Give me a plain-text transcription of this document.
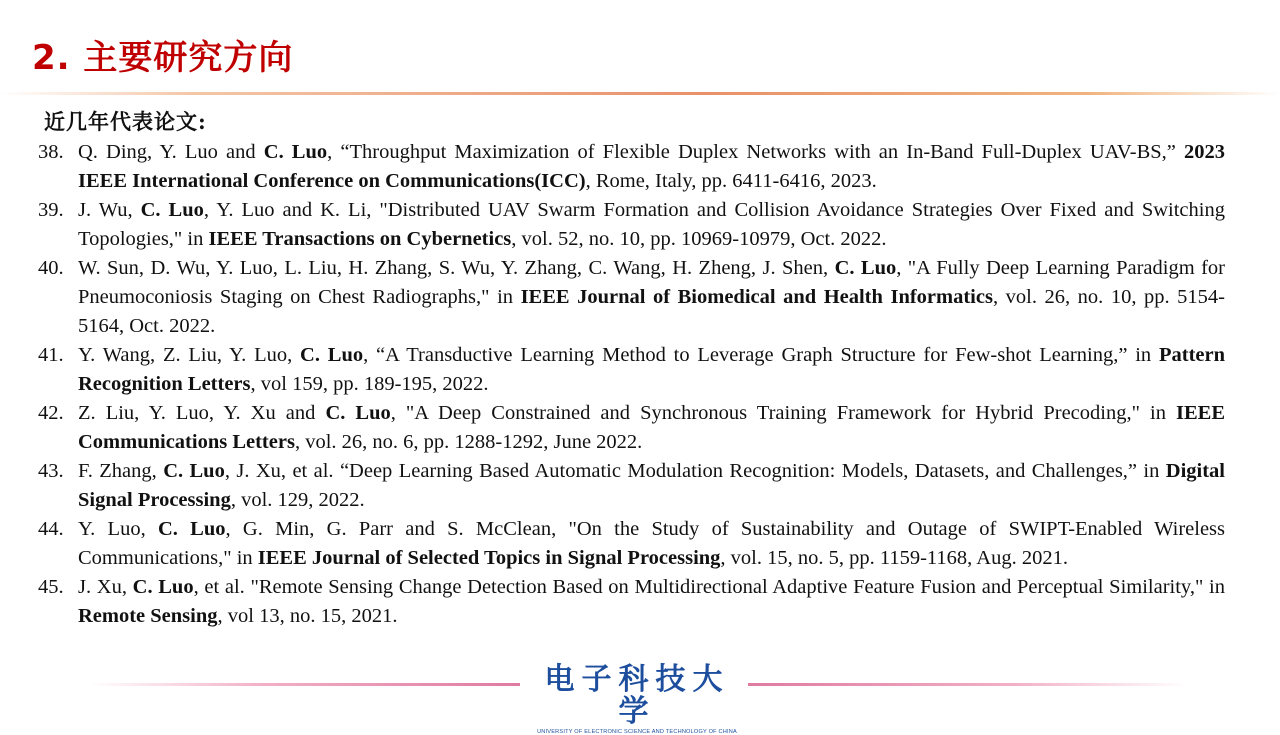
2. 主要研究方向
近几年代表论文:
38. Q. Ding, Y. Luo and C. Luo, “Throughput Maximization of Flexible Duplex Networks with an In-Band Full-Duplex UAV-BS,” 2023 IEEE International Conference on Communications(ICC), Rome, Italy, pp. 6411-6416, 2023.
39. J. Wu, C. Luo, Y. Luo and K. Li, "Distributed UAV Swarm Formation and Collision Avoidance Strategies Over Fixed and Switching Topologies," in IEEE Transactions on Cybernetics, vol. 52, no. 10, pp. 10969-10979, Oct. 2022.
40. W. Sun, D. Wu, Y. Luo, L. Liu, H. Zhang, S. Wu, Y. Zhang, C. Wang, H. Zheng, J. Shen, C. Luo, "A Fully Deep Learning Paradigm for Pneumoconiosis Staging on Chest Radiographs," in IEEE Journal of Biomedical and Health Informatics, vol. 26, no. 10, pp. 5154-5164, Oct. 2022.
41. Y. Wang, Z. Liu, Y. Luo, C. Luo, “A Transductive Learning Method to Leverage Graph Structure for Few-shot Learning,” in Pattern Recognition Letters, vol 159, pp. 189-195, 2022.
42. Z. Liu, Y. Luo, Y. Xu and C. Luo, "A Deep Constrained and Synchronous Training Framework for Hybrid Precoding," in IEEE Communications Letters, vol. 26, no. 6, pp. 1288-1292, June 2022.
43. F. Zhang, C. Luo, J. Xu, et al. “Deep Learning Based Automatic Modulation Recognition: Models, Datasets, and Challenges,” in Digital Signal Processing, vol. 129, 2022.
44. Y. Luo, C. Luo, G. Min, G. Parr and S. McClean, "On the Study of Sustainability and Outage of SWIPT-Enabled Wireless Communications," in IEEE Journal of Selected Topics in Signal Processing, vol. 15, no. 5, pp. 1159-1168, Aug. 2021.
45. J. Xu, C. Luo, et al. "Remote Sensing Change Detection Based on Multidirectional Adaptive Feature Fusion and Perceptual Similarity," in Remote Sensing, vol 13, no. 15, 2021.
电子科技大学
UNIVERSITY OF ELECTRONIC SCIENCE AND TECHNOLOGY OF CHINA
